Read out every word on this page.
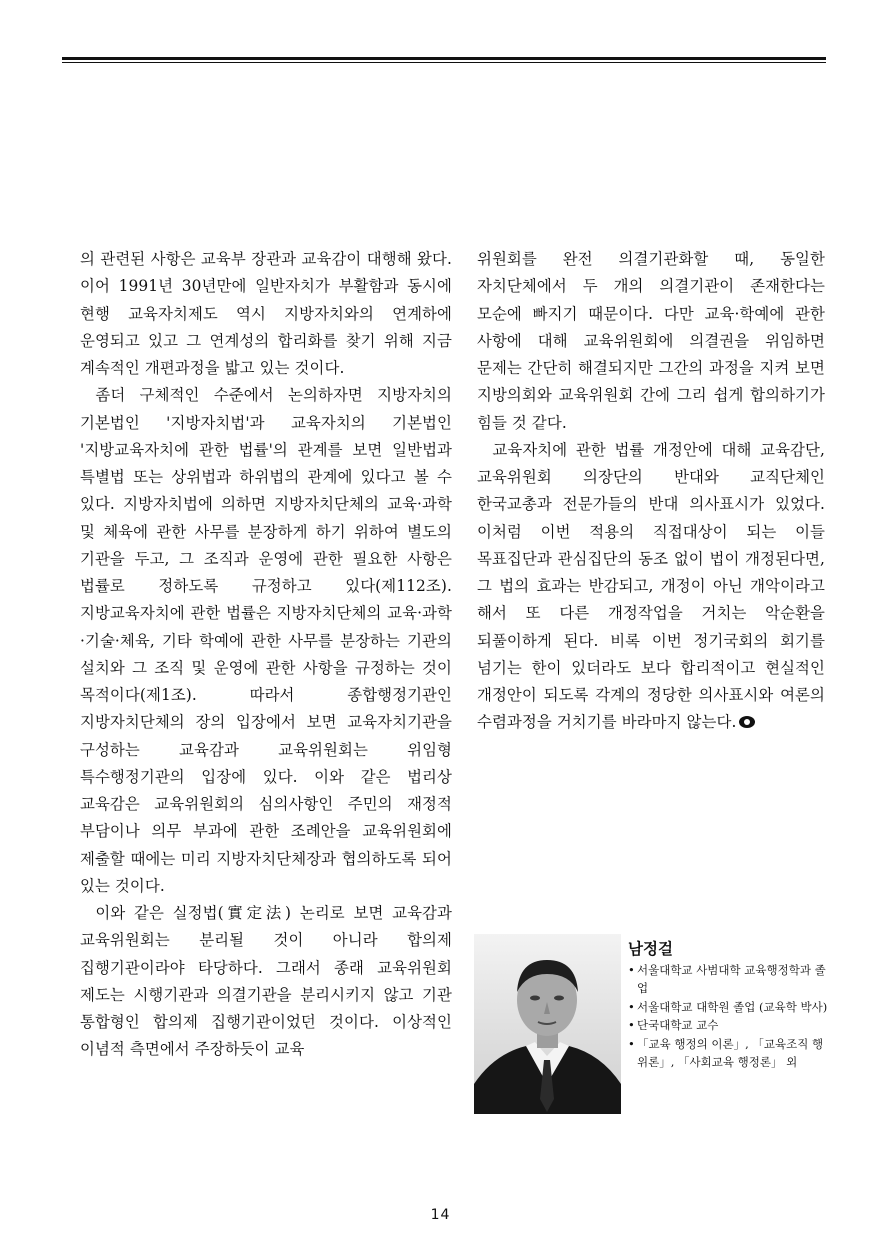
의 관련된 사항은 교육부 장관과 교육감이 대행해 왔다. 이어 1991년 30년만에 일반자치가 부활함과 동시에 현행 교육자치제도 역시 지방자치와의 연계하에 운영되고 있고 그 연계성의 합리화를 찾기 위해 지금 계속적인 개편과정을 밟고 있는 것이다.

좀더 구체적인 수준에서 논의하자면 지방자치의 기본법인 '지방자치법'과 교육자치의 기본법인 '지방교육자치에 관한 법률'의 관계를 보면 일반법과 특별법 또는 상위법과 하위법의 관계에 있다고 볼 수 있다. 지방자치법에 의하면 지방자치단체의 교육·과학 및 체육에 관한 사무를 분장하게 하기 위하여 별도의 기관을 두고, 그 조직과 운영에 관한 필요한 사항은 법률로 정하도록 규정하고 있다(제112조). 지방교육자치에 관한 법률은 지방자치단체의 교육·과학·기술·체육, 기타 학예에 관한 사무를 분장하는 기관의 설치와 그 조직 및 운영에 관한 사항을 규정하는 것이 목적이다(제1조). 따라서 종합행정기관인 지방자치단체의 장의 입장에서 보면 교육자치기관을 구성하는 교육감과 교육위원회는 위임형 특수행정기관의 입장에 있다. 이와 같은 법리상 교육감은 교육위원회의 심의사항인 주민의 재정적 부담이나 의무 부과에 관한 조례안을 교육위원회에 제출할 때에는 미리 지방자치단체장과 협의하도록 되어 있는 것이다.

이와 같은 실정법(實定法) 논리로 보면 교육감과 교육위원회는 분리될 것이 아니라 합의제 집행기관이라야 타당하다. 그래서 종래 교육위원회 제도는 시행기관과 의결기관을 분리시키지 않고 기관 통합형인 합의제 집행기관이었던 것이다. 이상적인 이념적 측면에서 주장하듯이 교육

위원회를 완전 의결기관화할 때, 동일한 자치단체에서 두 개의 의결기관이 존재한다는 모순에 빠지기 때문이다. 다만 교육·학예에 관한 사항에 대해 교육위원회에 의결권을 위임하면 문제는 간단히 해결되지만 그간의 과정을 지켜 보면 지방의회와 교육위원회 간에 그리 쉽게 합의하기가 힘들 것 같다.

교육자치에 관한 법률 개정안에 대해 교육감단, 교육위원회 의장단의 반대와 교직단체인 한국교총과 전문가들의 반대 의사표시가 있었다. 이처럼 이번 적용의 직접대상이 되는 이들 목표집단과 관심집단의 동조 없이 법이 개정된다면, 그 법의 효과는 반감되고, 개정이 아닌 개악이라고 해서 또 다른 개정작업을 거치는 악순환을 되풀이하게 된다. 비록 이번 정기국회의 회기를 넘기는 한이 있더라도 보다 합리적이고 현실적인 개정안이 되도록 각계의 정당한 의사표시와 여론의 수렴과정을 거치기를 바라마지 않는다.

남정걸
• 서울대학교 사범대학 교육행정학과 졸업
• 서울대학교 대학원 졸업 (교육학 박사)
• 단국대학교 교수
• 「교육 행정의 이론」, 「교육조직 행위론」, 「사회교육 행정론」 외
14
